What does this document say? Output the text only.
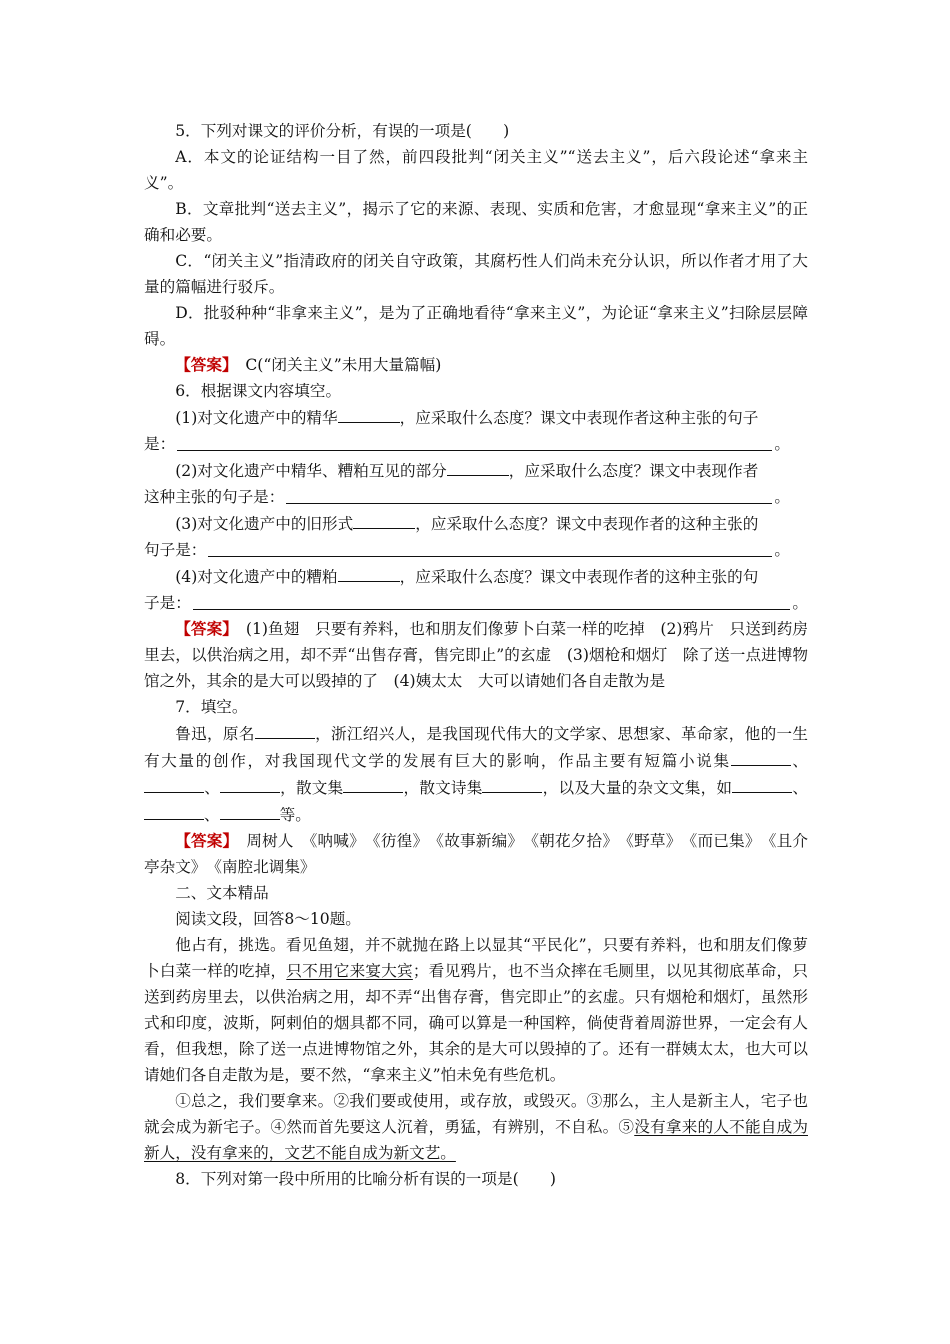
5．下列对课文的评价分析，有误的一项是(　　)

A．本文的论证结构一目了然，前四段批判“闭关主义”“送去主义”，后六段论述“拿来主义”。

B．文章批判“送去主义”，揭示了它的来源、表现、实质和危害，才愈显现“拿来主义”的正确和必要。

C．“闭关主义”指清政府的闭关自守政策，其腐朽性人们尚未充分认识，所以作者才用了大量的篇幅进行驳斥。

D．批驳种种“非拿来主义”，是为了正确地看待“拿来主义”，为论证“拿来主义”扫除层层障碍。

【答案】　C(“闭关主义”未用大量篇幅)

6．根据课文内容填空。

(1)对文化遗产中的精华	，应采取什么态度？课文中表现作者这种主张的句子

是：	。

(2)对文化遗产中精华、糟粕互见的部分	，应采取什么态度？课文中表现作者

这种主张的句子是：	。

(3)对文化遗产中的旧形式	，应采取什么态度？课文中表现作者的这种主张的

句子是：	。

(4)对文化遗产中的糟粕	，应采取什么态度？课文中表现作者的这种主张的句

子是：	。

【答案】　(1)鱼翅　只要有养料，也和朋友们像萝卜白菜一样的吃掉　(2)鸦片　只送到药房里去，以供治病之用，却不弄“出售存膏，售完即止”的玄虚　(3)烟枪和烟灯　除了送一点进博物馆之外，其余的是大可以毁掉的了　(4)姨太太　大可以请她们各自走散为是

7．填空。

鲁迅，原名	，浙江绍兴人，是我国现代伟大的文学家、思想家、革命家，他的一生有大量的创作，对我国现代文学的发展有巨大的影响，作品主要有短篇小说集	、、	，散文集	，散文诗集	，以及大量的杂文文集，如	、、	等。

【答案】　周树人　《呐喊》　《彷徨》　《故事新编》　《朝花夕拾》　《野草》　《而已集》　《且介亭杂文》　《南腔北调集》

二、文本精品

阅读文段，回答8～10题。

他占有，挑选。看见鱼翅，并不就抛在路上以显其“平民化”，只要有养料，也和朋友们像萝卜白菜一样的吃掉，只不用它来宴大宾；看见鸦片，也不当众摔在毛厕里，以见其彻底革命，只送到药房里去，以供治病之用，却不弄“出售存膏，售完即止”的玄虚。只有烟枪和烟灯，虽然形式和印度，波斯，阿剌伯的烟具都不同，确可以算是一种国粹，倘使背着周游世界，一定会有人看，但我想，除了送一点进博物馆之外，其余的是大可以毁掉的了。还有一群姨太太，也大可以请她们各自走散为是，要不然，“拿来主义”怕未免有些危机。

①总之，我们要拿来。②我们要或使用，或存放，或毁灭。③那么，主人是新主人，宅子也就会成为新宅子。④然而首先要这人沉着，勇猛，有辨别，不自私。⑤没有拿来的人不能自成为新人，没有拿来的，文艺不能自成为新文艺。

8．下列对第一段中所用的比喻分析有误的一项是(　　)
